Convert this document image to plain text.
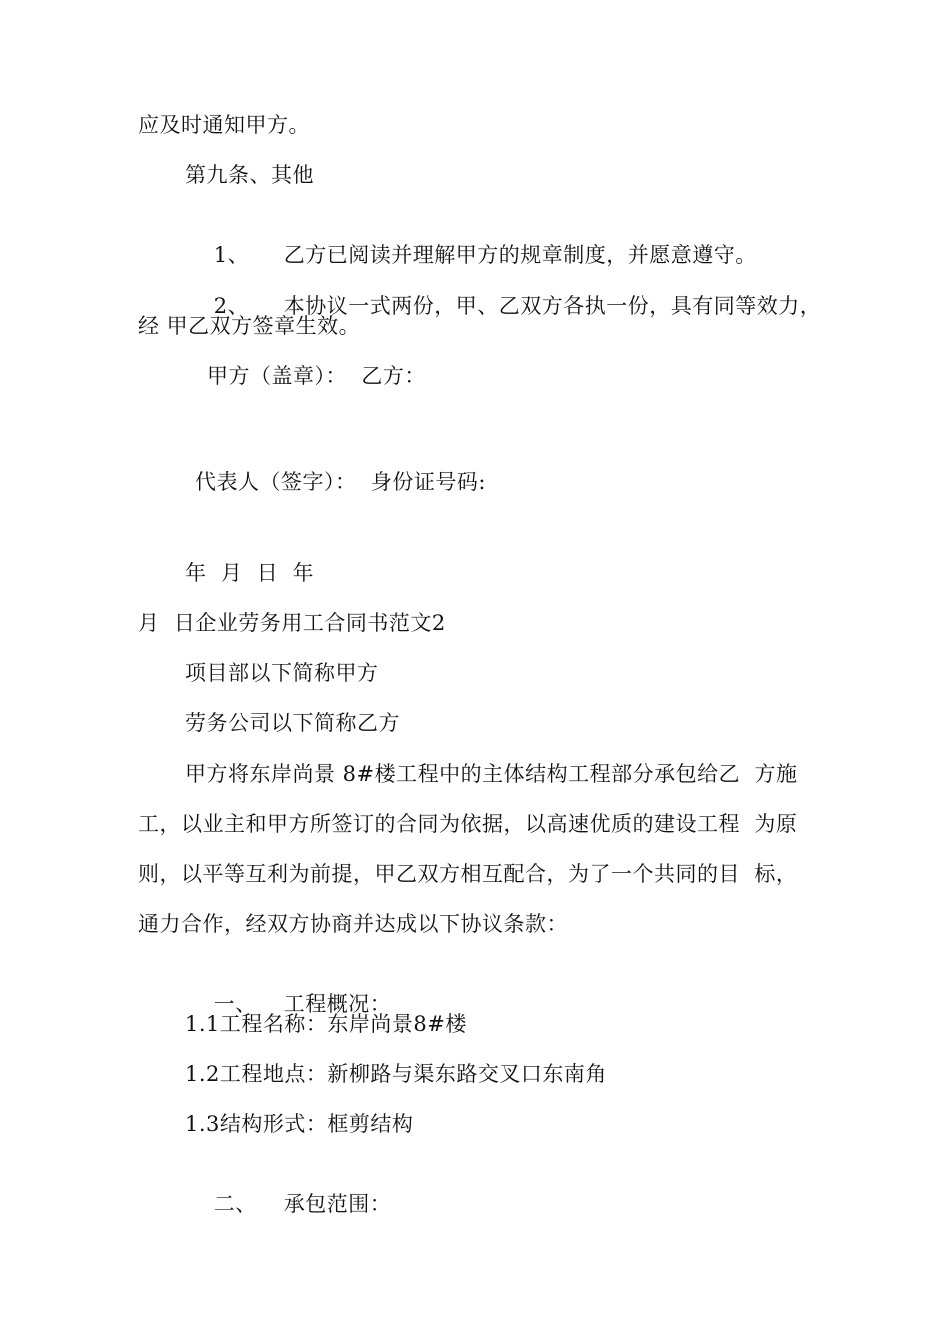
应及时通知甲方。
第九条、其他

1、 乙方已阅读并理解甲方的规章制度，并愿意遵守。

2、 本协议一式两份，甲、乙双方各执一份，具有同等效力，

经 甲乙双方签章生效。
甲方（盖章）：  乙方：
代表人（签字）：  身份证号码:
年  月  日  年
月  日企业劳务用工合同书范文2
项目部以下简称甲方
劳务公司以下简称乙方
甲方将东岸尚景 8#楼工程中的主体结构工程部分承包给乙  方施
工，以业主和甲方所签订的合同为依据，以高速优质的建设工程  为原
则，以平等互利为前提，甲乙双方相互配合，为了一个共同的目  标，
通力合作，经双方协商并达成以下协议条款：

一、 工程概况：

1.1工程名称：东岸尚景8#楼
1.2工程地点：新柳路与渠东路交叉口东南角
1.3结构形式：框剪结构

二、 承包范围：
